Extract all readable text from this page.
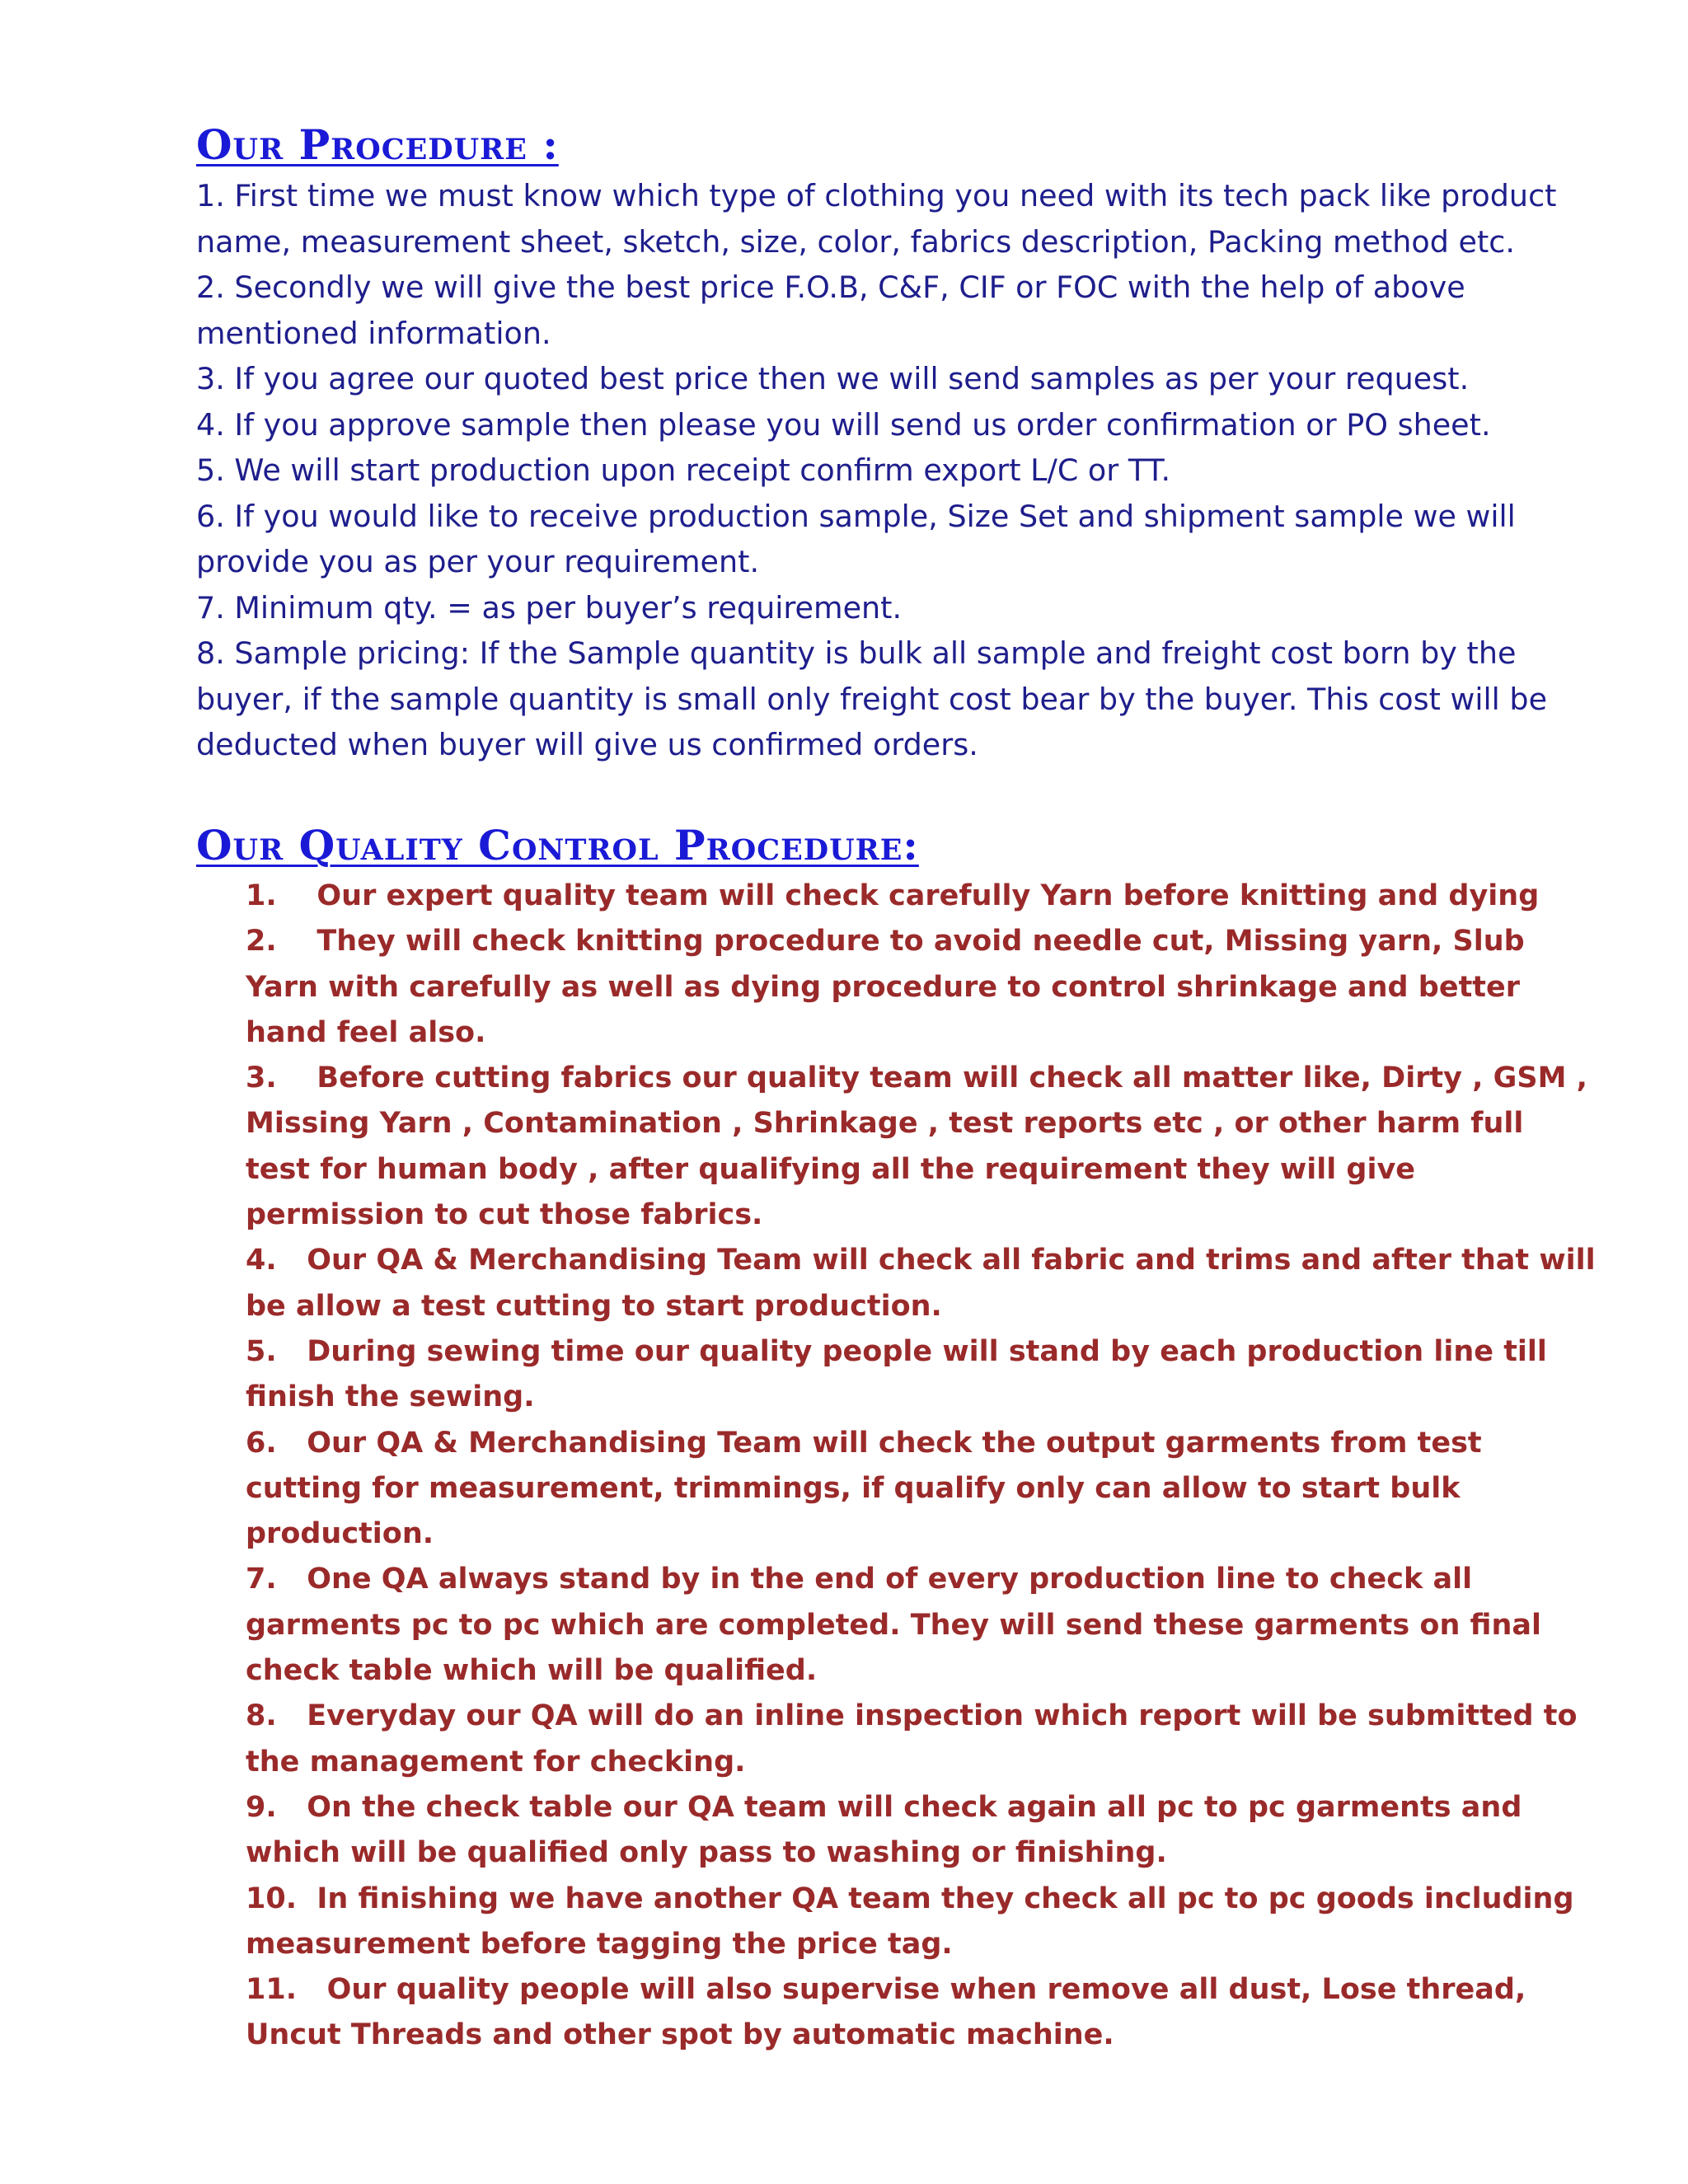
Our Procedure :
1. First time we must know which type of clothing you need with its tech pack like product name, measurement sheet, sketch, size, color, fabrics description, Packing method etc.
2. Secondly we will give the best price F.O.B, C&F, CIF or FOC with the help of above mentioned information.
3. If you agree our quoted best price then we will send samples as per your request.
4. If you approve sample then please you will send us order confirmation or PO sheet.
5. We will start production upon receipt confirm export L/C or TT.
6. If you would like to receive production sample, Size Set and shipment sample we will provide you as per your requirement.
7. Minimum qty. = as per buyer’s requirement.
8. Sample pricing: If the Sample quantity is bulk all sample and freight cost born by the buyer, if the sample quantity is small only freight cost bear by the buyer. This cost will be deducted when buyer will give us confirmed orders.
Our Quality Control Procedure:
1. Our expert quality team will check carefully Yarn before knitting and dying
2. They will check knitting procedure to avoid needle cut, Missing yarn, Slub Yarn with carefully as well as dying procedure to control shrinkage and better hand feel also.
3. Before cutting fabrics our quality team will check all matter like, Dirty , GSM , Missing Yarn , Contamination , Shrinkage , test reports etc , or other harm full test for human body , after qualifying all the requirement they will give permission to cut those fabrics.
4. Our QA & Merchandising Team will check all fabric and trims and after that will be allow a test cutting to start production.
5. During sewing time our quality people will stand by each production line till finish the sewing.
6. Our QA & Merchandising Team will check the output garments from test cutting for measurement, trimmings, if qualify only can allow to start bulk production.
7. One QA always stand by in the end of every production line to check all garments pc to pc which are completed. They will send these garments on final check table which will be qualified.
8. Everyday our QA will do an inline inspection which report will be submitted to the management for checking.
9. On the check table our QA team will check again all pc to pc garments and which will be qualified only pass to washing or finishing.
10. In finishing we have another QA team they check all pc to pc goods including measurement before tagging the price tag.
11. Our quality people will also supervise when remove all dust, Lose thread, Uncut Threads and other spot by automatic machine.
